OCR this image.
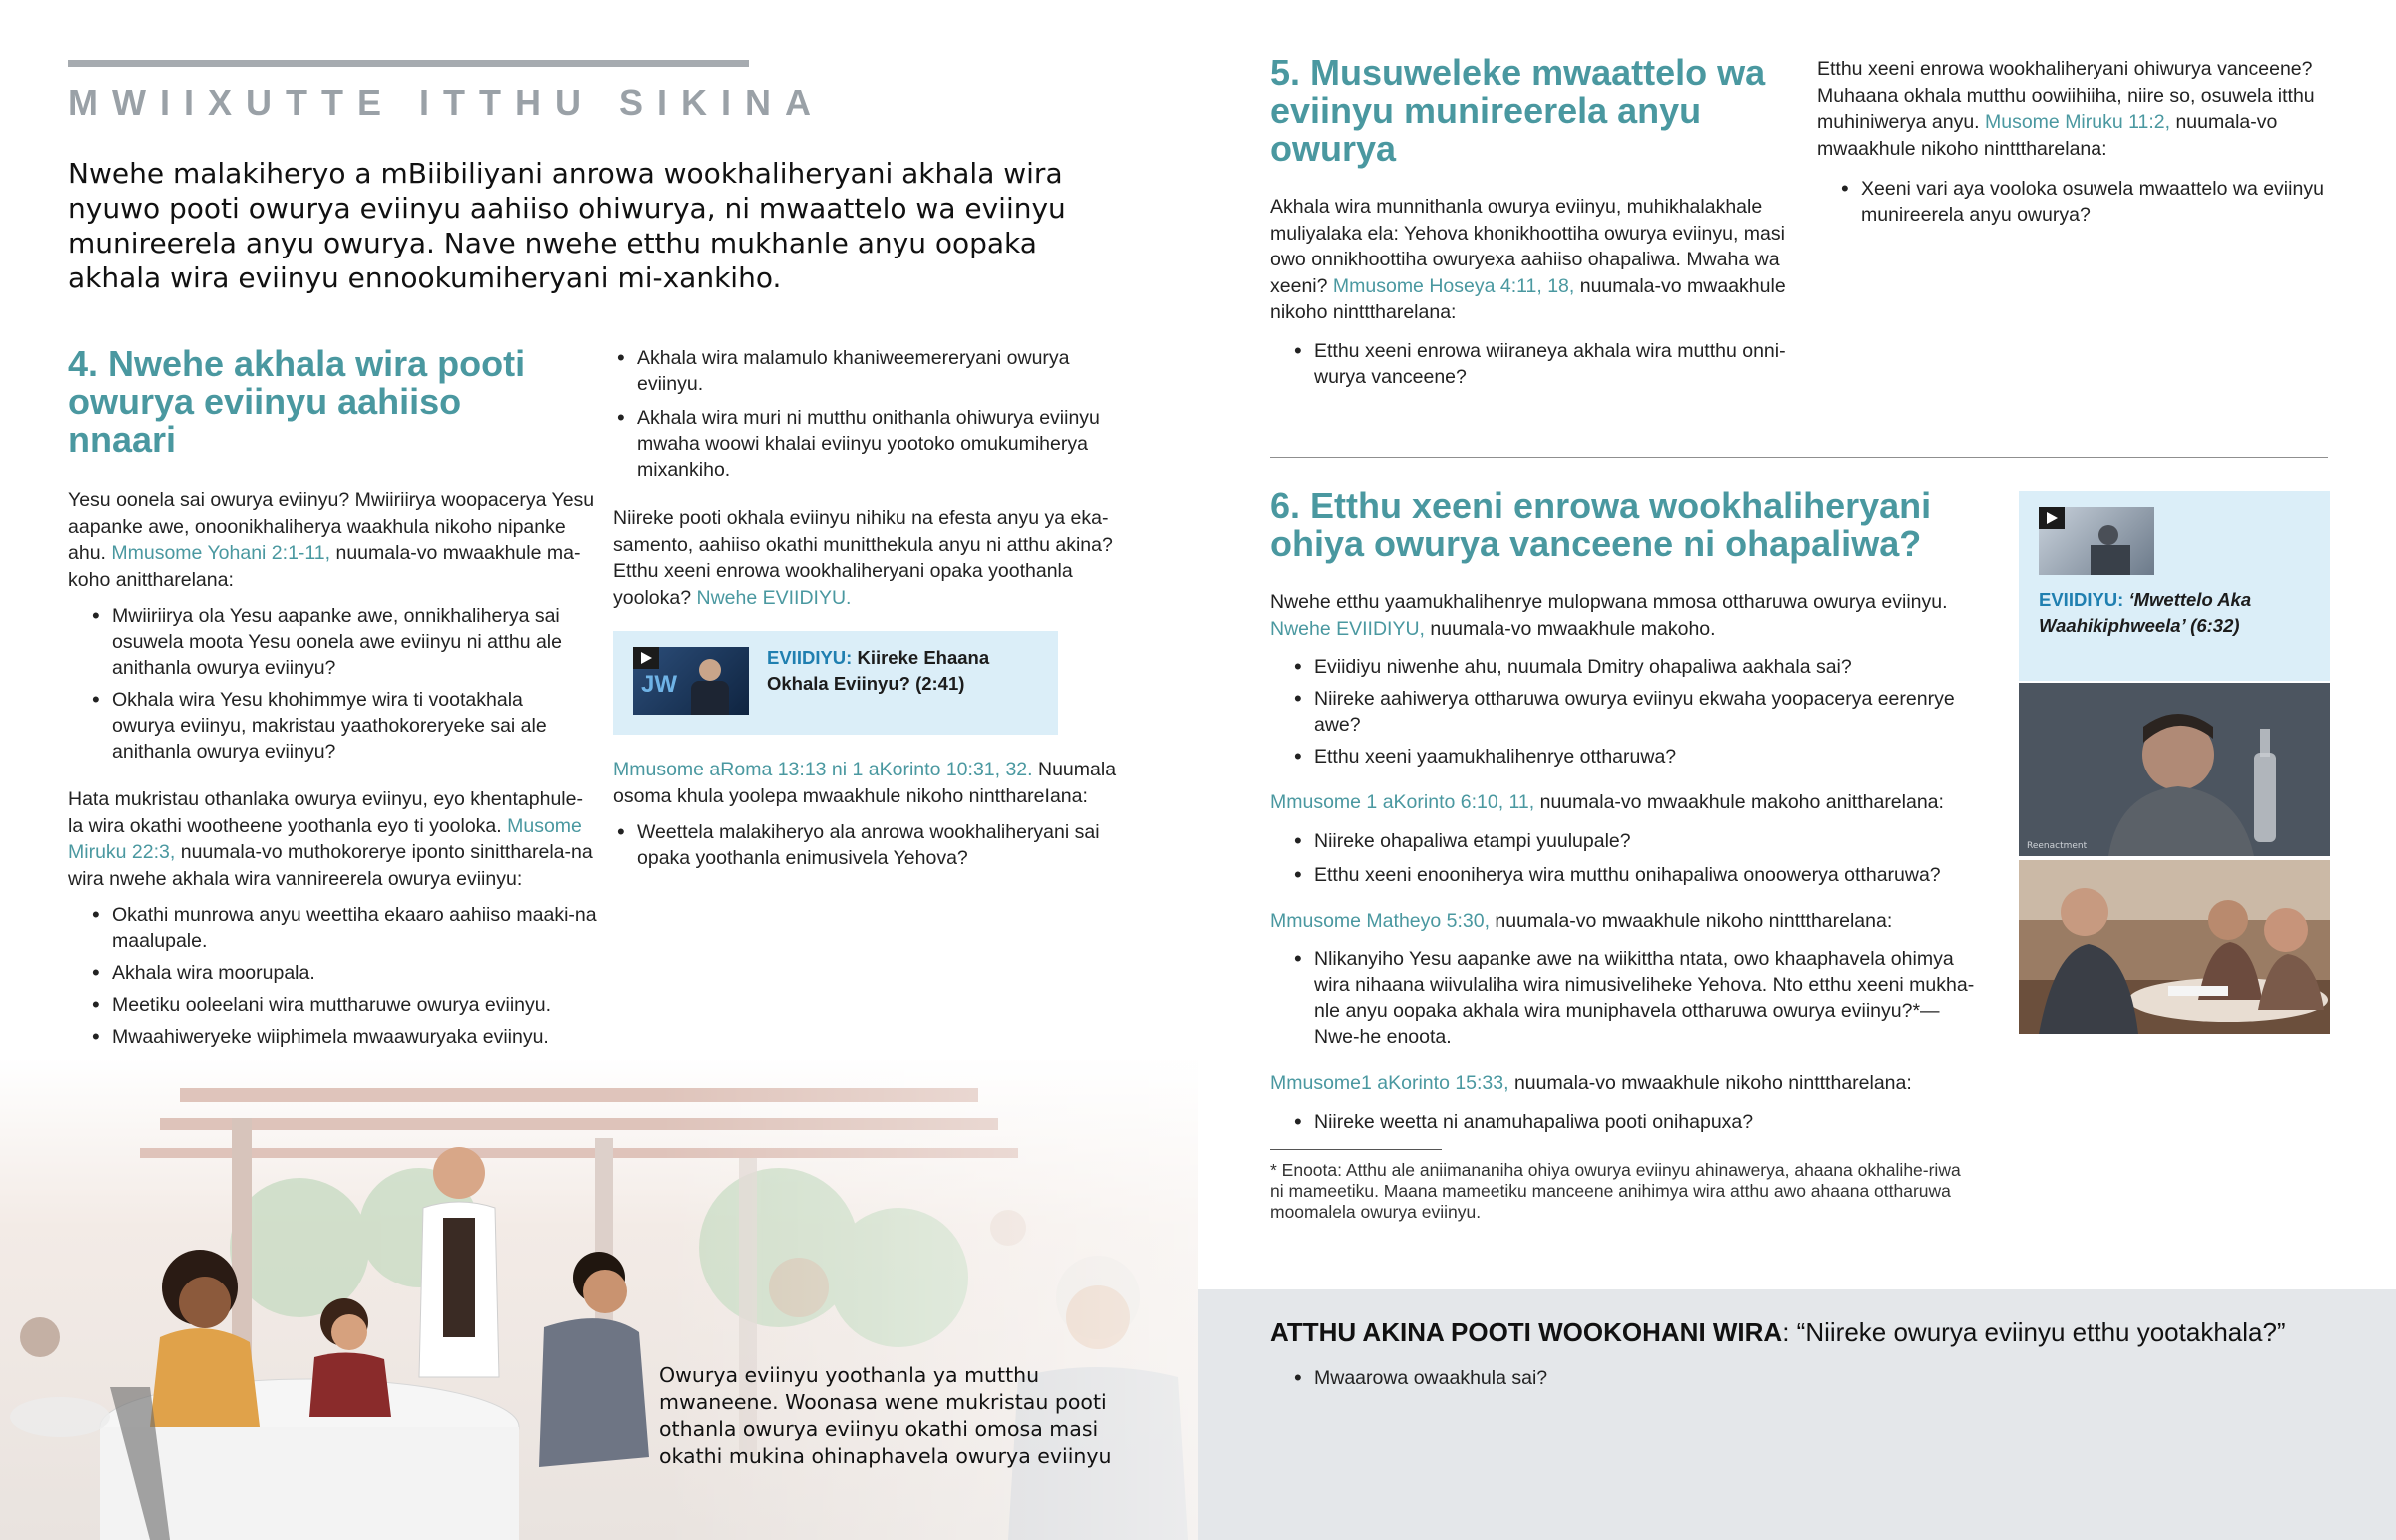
MWIIXUTTE ITTHU SIKINA

Nwehe malakiheryo a mBiibiliyani anrowa wookhaliheryani akhala wira nyuwo pooti owurya eviinyu aahiiso ohiwurya, ni mwaattelo wa eviinyu munireerela anyu owurya. Nave nwehe etthu mukhanle anyu oopaka akhala wira eviinyu ennookumiheryani mi-xankiho.

4. Nwehe akhala wira pooti owurya eviinyu aahiiso nnaari

Yesu oonela sai owurya eviinyu? Mwiiriirya woopacerya Yesu aapanke awe, onoonikhaliherya waakhula nikoho nipanke ahu. Mmusome Yohani 2:1-11, nuumala-vo mwaakhule ma-koho anittharelana:

• Mwiiriirya ola Yesu aapanke awe, onnikhaliherya sai osuwela moota Yesu oonela awe eviinyu ni atthu ale anithanla owurya eviinyu?
• Okhala wira Yesu khohimmye wira ti vootakhala owurya eviinyu, makristau yaathokoreryeke sai ale anithanla owurya eviinyu?

Hata mukristau othanlaka owurya eviinyu, eyo khentaphule-la wira okathi wootheene yoothanla eyo ti yooloka. Musome Miruku 22:3, nuumala-vo muthokorerye iponto sinittharela-na wira nwehe akhala wira vannireerela owurya eviinyu:

• Okathi munrowa anyu weettiha ekaaro aahiiso maaki-na maalupale.
• Akhala wira moorupala.
• Meetiku ooleelani wira muttharuwe owurya eviinyu.
• Mwaahiweryeke wiiphimela mwaawuryaka eviinyu.
• Akhala wira malamulo khaniweemereryani owurya eviinyu.
• Akhala wira muri ni mutthu onithanla ohiwurya eviinyu mwaha woowi khalai eviinyu yootoko omukumiherya mixankiho.

Niireke pooti okhala eviinyu nihiku na efesta anyu ya eka-samento, aahiiso okathi munitthekula anyu ni atthu akina? Etthu xeeni enrowa wookhaliheryani opaka yoothanla yooloka? Nwehe EVIIDIYU.

JW
EVIIDIYU: Kiireke Ehaana Okhala Eviinyu? (2:41)

Mmusome aRoma 13:13 ni 1 aKorinto 10:31, 32. Nuumala osoma khula yoolepa mwaakhule nikoho nintthareIana:

• Weettela malakiheryo ala anrowa wookhaliheryani sai opaka yoothanla enimusivela Yehova?
Owurya eviinyu yoothanla ya mutthu mwaneene. Woonasa wene mukristau pooti othanla owurya eviinyu okathi omosa masi okathi mukina ohinaphavela owurya eviinyu
5. Musuweleke mwaattelo wa eviinyu munireerela anyu owurya

Akhala wira munnithanla owurya eviinyu, muhikhalakhale muliyalaka ela: Yehova khonikhoottiha owurya eviinyu, masi owo onnikhoottiha owuryexa aahiiso ohapaliwa. Mwaha wa xeeni? Mmusome Hoseya 4:11, 18, nuumala-vo mwaakhule nikoho nintttharelana:

• Etthu xeeni enrowa wiiraneya akhala wira mutthu onni-wurya vanceene?

Etthu xeeni enrowa wookhaliheryani ohiwurya vanceene? Muhaana okhala mutthu oowiihiiha, niire so, osuwela itthu muhiniwerya anyu. Musome Miruku 11:2, nuumala-vo mwaakhule nikoho nintttharelana:

• Xeeni vari aya vooloka osuwela mwaattelo wa eviinyu munireerela anyu owurya?
6. Etthu xeeni enrowa wookhaliheryani ohiya owurya vanceene ni ohapaliwa?

Nwehe etthu yaamukhalihenrye mulopwana mmosa ottharuwa owurya eviinyu.
Nwehe EVIIDIYU, nuumala-vo mwaakhule makoho.

• Eviidiyu niwenhe ahu, nuumala Dmitry ohapaliwa aakhala sai?
• Niireke aahiwerya ottharuwa owurya eviinyu ekwaha yoopacerya eerenrye awe?
• Etthu xeeni yaamukhalihenrye ottharuwa?

Mmusome 1 aKorinto 6:10, 11, nuumala-vo mwaakhule makoho anittharelana:

• Niireke ohapaliwa etampi yuulupale?
• Etthu xeeni enooniherya wira mutthu onihapaliwa onoowerya ottharuwa?

Mmusome Matheyo 5:30, nuumala-vo mwaakhule nikoho nintttharelana:

• Nlikanyiho Yesu aapanke awe na wiikittha ntata, owo khaaphavela ohimya wira nihaana wiivulaliha wira nimusiveliheke Yehova. Nto etthu xeeni mukha-nle anyu oopaka akhala wira muniphavela ottharuwa owurya eviinyu?*—Nwe-he enoota.

Mmusome1 aKorinto 15:33, nuumala-vo mwaakhule nikoho nintttharelana:

• Niireke weetta ni anamuhapaliwa pooti onihapuxa?

* Enoota: Atthu ale aniimananiha ohiya owurya eviinyu ahinawerya, ahaana okhalihe-riwa ni mameetiku. Maana mameetiku manceene anihimya wira atthu awo ahaana ottharuwa moomalela owurya eviinyu.

EVIIDIYU: ‘Mwettelo Aka Waahikiphweela’ (6:32)
Reenactment
ATTHU AKINA POOTI WOOKOHANI WIRA: “Niireke owurya eviinyu etthu yootakhala?”
• Mwaarowa owaakhula sai?
